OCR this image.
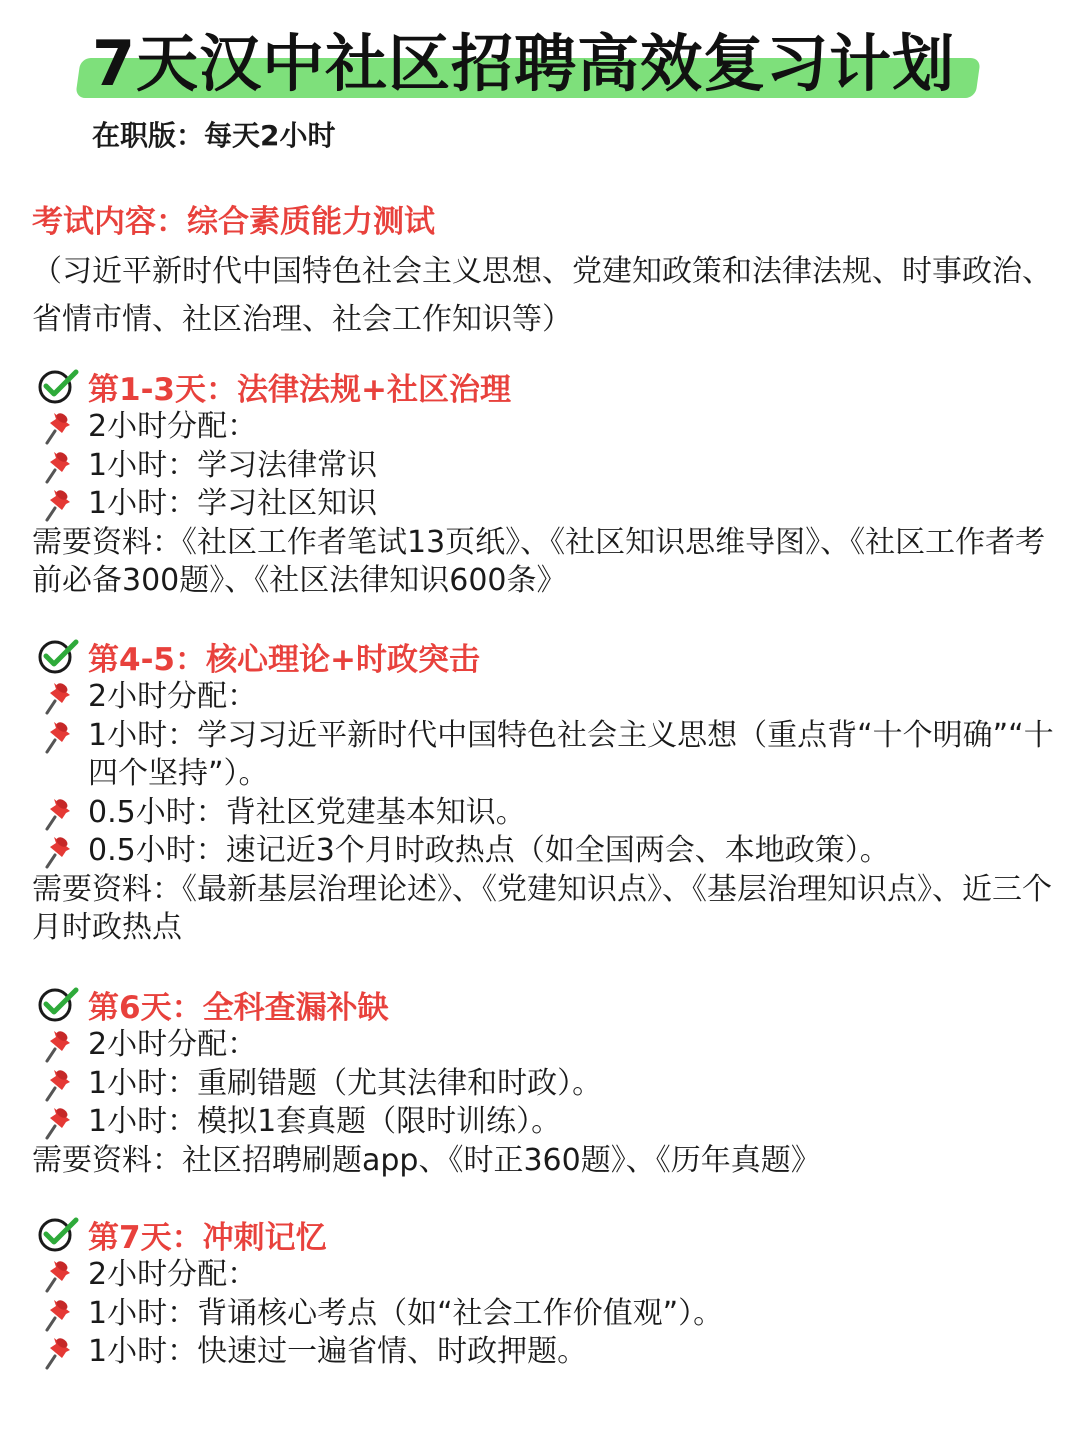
7天汉中社区招聘高效复习计划

在职版：每天2小时

考试内容：综合素质能力测试

（习近平新时代中国特色社会主义思想、党建知政策和法律法规、时事政治、省情市情、社区治理、社会工作知识等）

第1-3天：法律法规+社区治理
2小时分配：
1小时：学习法律常识
1小时：学习社区知识
需要资料：《社区工作者笔试13页纸》、《社区知识思维导图》、《社区工作者考前必备300题》、《社区法律知识600条》
第4-5：核心理论+时政突击
2小时分配：
1小时：学习习近平新时代中国特色社会主义思想（重点背“十个明确”“十四个坚持”）。
0.5小时：背社区党建基本知识。
0.5小时：速记近3个月时政热点（如全国两会、本地政策）。
需要资料：《最新基层治理论述》、《党建知识点》、《基层治理知识点》、近三个月时政热点
第6天：全科查漏补缺
2小时分配：
1小时：重刷错题（尤其法律和时政）。
1小时：模拟1套真题（限时训练）。
需要资料：社区招聘刷题app、《时正360题》、《历年真题》
第7天：冲刺记忆
2小时分配：
1小时：背诵核心考点（如“社会工作价值观”）。
1小时：快速过一遍省情、时政押题。
